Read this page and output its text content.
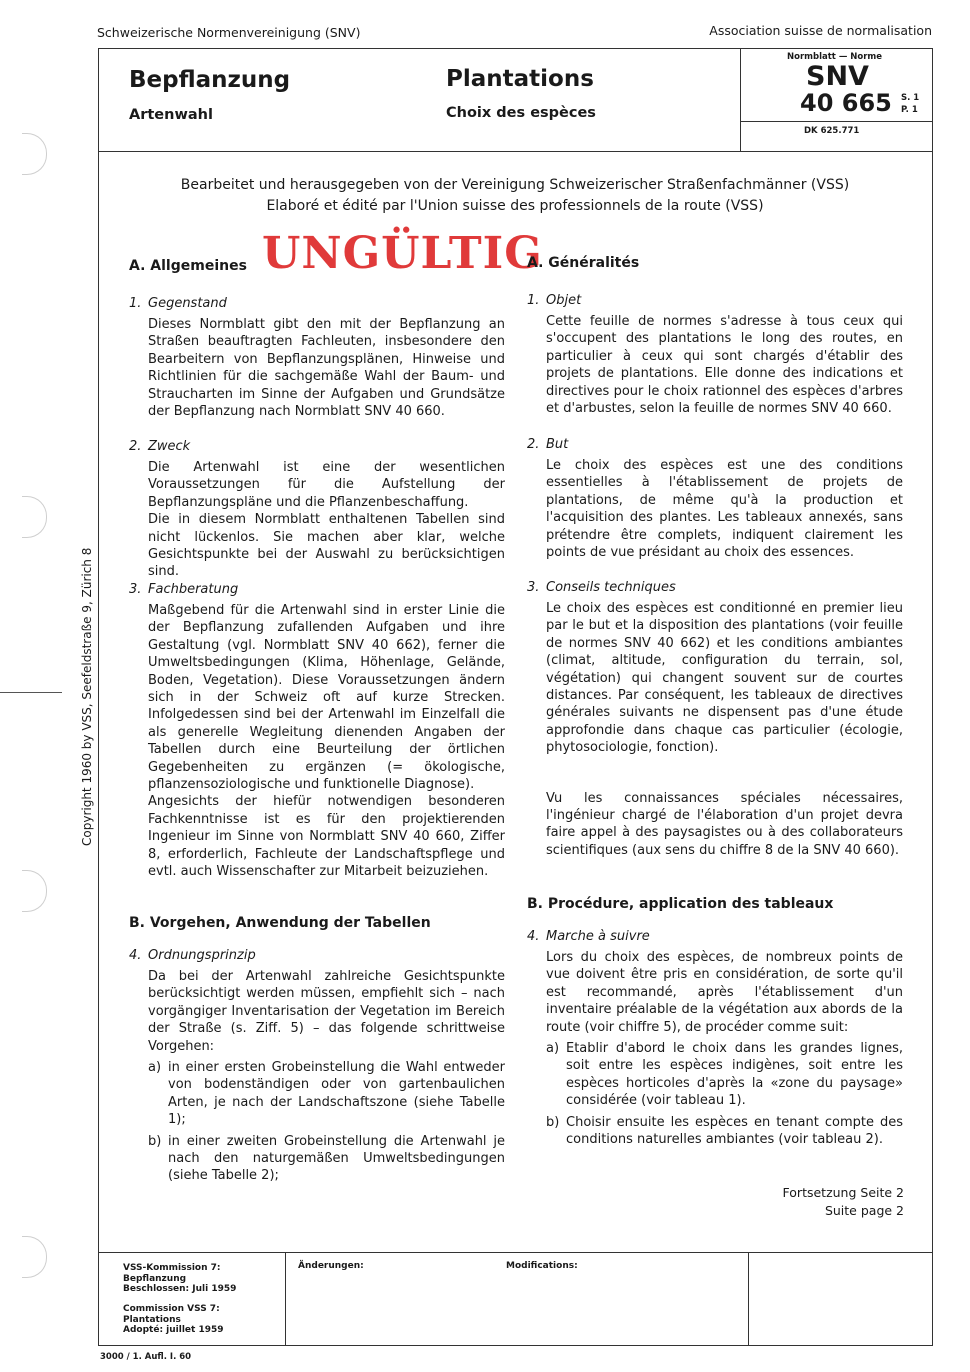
Schweizerische Normenvereinigung (SNV)	Association suisse de normalisation
Bepflanzung
Artenwahl
Plantations
Choix des espèces
Normblatt — Norme
SNV
40 665 S. 1
P. 1
DK 625.771
Bearbeitet und herausgegeben von der Vereinigung Schweizerischer Straßenfachmänner (VSS)
Elaboré et édité par l'Union suisse des professionnels de la route (VSS)
UNGÜLTIG
Copyright 1960 by VSS, Seefeldstraße 9, Zürich 8
A. Allgemeines
1. Gegenstand

Dieses Normblatt gibt den mit der Bepflanzung an Straßen beauftragten Fachleuten, insbesondere den Bearbeitern von Bepflanzungsplänen, Hinweise und Richtlinien für die sachgemäße Wahl der Baum- und Straucharten im Sinne der Aufgaben und Grundsätze der Bepflanzung nach Normblatt SNV 40 660.

2. Zweck

Die Artenwahl ist eine der wesentlichen Voraussetzungen für die Aufstellung der Bepflanzungspläne und die Pflanzenbeschaffung.

Die in diesem Normblatt enthaltenen Tabellen sind nicht lückenlos. Sie machen aber klar, welche Gesichtspunkte bei der Auswahl zu berücksichtigen sind.

3. Fachberatung

Maßgebend für die Artenwahl sind in erster Linie die der Bepflanzung zufallenden Aufgaben und ihre Gestaltung (vgl. Normblatt SNV 40 662), ferner die Umweltsbedingungen (Klima, Höhenlage, Gelände, Boden, Vegetation). Diese Voraussetzungen ändern sich in der Schweiz oft auf kurze Strecken. Infolgedessen sind bei der Artenwahl im Einzelfall die als generelle Wegleitung dienenden Angaben der Tabellen durch eine Beurteilung der örtlichen Gegebenheiten zu ergänzen (= ökologische, pflanzensoziologische und funktionelle Diagnose).

Angesichts der hiefür notwendigen besonderen Fachkenntnisse ist es für den projektierenden Ingenieur im Sinne von Normblatt SNV 40 660, Ziffer 8, erforderlich, Fachleute der Landschaftspflege und evtl. auch Wissenschafter zur Mitarbeit beizuziehen.

B. Vorgehen, Anwendung der Tabellen
4. Ordnungsprinzip

Da bei der Artenwahl zahlreiche Gesichtspunkte berücksichtigt werden müssen, empfiehlt sich – nach vorgängiger Inventarisation der Vegetation im Bereich der Straße (s. Ziff. 5) – das folgende schrittweise Vorgehen:

a) in einer ersten Grobeinstellung die Wahl entweder von bodenständigen oder von gartenbaulichen Arten, je nach der Landschaftszone (siehe Tabelle 1);

b) in einer zweiten Grobeinstellung die Artenwahl je nach den naturgemäßen Umweltsbedingungen (siehe Tabelle 2);

A. Généralités
1. Objet

Cette feuille de normes s'adresse à tous ceux qui s'occupent des plantations le long des routes, en particulier à ceux qui sont chargés d'établir des projets de plantations. Elle donne des indications et directives pour le choix rationnel des espèces d'arbres et d'arbustes, selon la feuille de normes SNV 40 660.

2. But

Le choix des espèces est une des conditions essentielles à l'établissement de projets de plantations, de même qu'à la production et l'acquisition des plantes. Les tableaux annexés, sans prétendre être complets, indiquent clairement les points de vue présidant au choix des essences.

3. Conseils techniques

Le choix des espèces est conditionné en premier lieu par le but et la disposition des plantations (voir feuille de normes SNV 40 662) et les conditions ambiantes (climat, altitude, configuration du terrain, sol, végétation) qui changent souvent sur de courtes distances. Par conséquent, les tableaux de directives générales suivants ne dispensent pas d'une étude approfondie dans chaque cas particulier (écologie, phytosociologie, fonction).

Vu les connaissances spéciales nécessaires, l'ingénieur chargé de l'élaboration d'un projet devra faire appel à des paysagistes ou à des collaborateurs scientifiques (aux sens du chiffre 8 de la SNV 40 660).

B. Procédure, application des tableaux
4. Marche à suivre

Lors du choix des espèces, de nombreux points de vue doivent être pris en considération, de sorte qu'il est recommandé, après l'établissement d'un inventaire préalable de la végétation aux abords de la route (voir chiffre 5), de procéder comme suit:

a) Etablir d'abord le choix dans les grandes lignes, soit entre les espèces indigènes, soit entre les espèces horticoles d'après la «zone du paysage» considérée (voir tableau 1).

b) Choisir ensuite les espèces en tenant compte des conditions naturelles ambiantes (voir tableau 2).

Fortsetzung Seite 2
Suite page 2
VSS-Kommission 7:
Bepflanzung
Beschlossen: Juli 1959
Commission VSS 7:
Plantations
Adopté: juillet 1959
Änderungen:	Modifications:
3000 / 1. Aufl. I. 60
